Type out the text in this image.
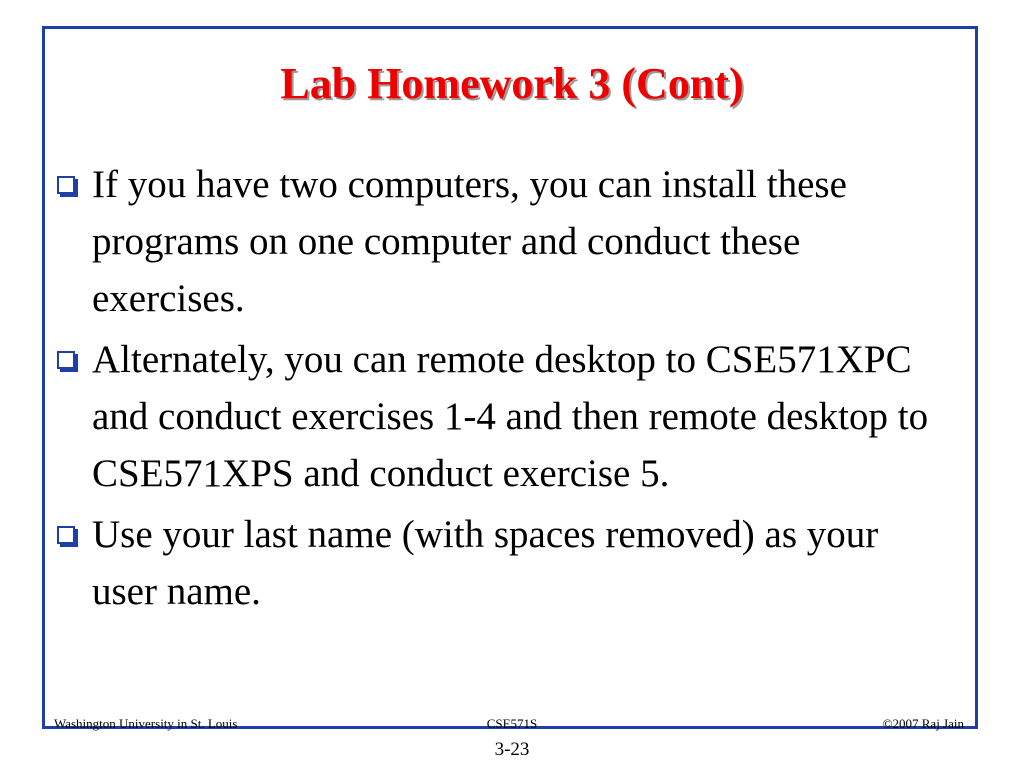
Lab Homework 3 (Cont)
If you have two computers, you can install these programs on one computer and conduct these exercises.
Alternately, you can remote desktop to CSE571XPC and conduct exercises 1-4 and then remote desktop to CSE571XPS and conduct exercise 5.
Use your last name (with spaces removed) as your user name.
Washington University in St. Louis	CSE571S	©2007 Raj Jain
3-23
